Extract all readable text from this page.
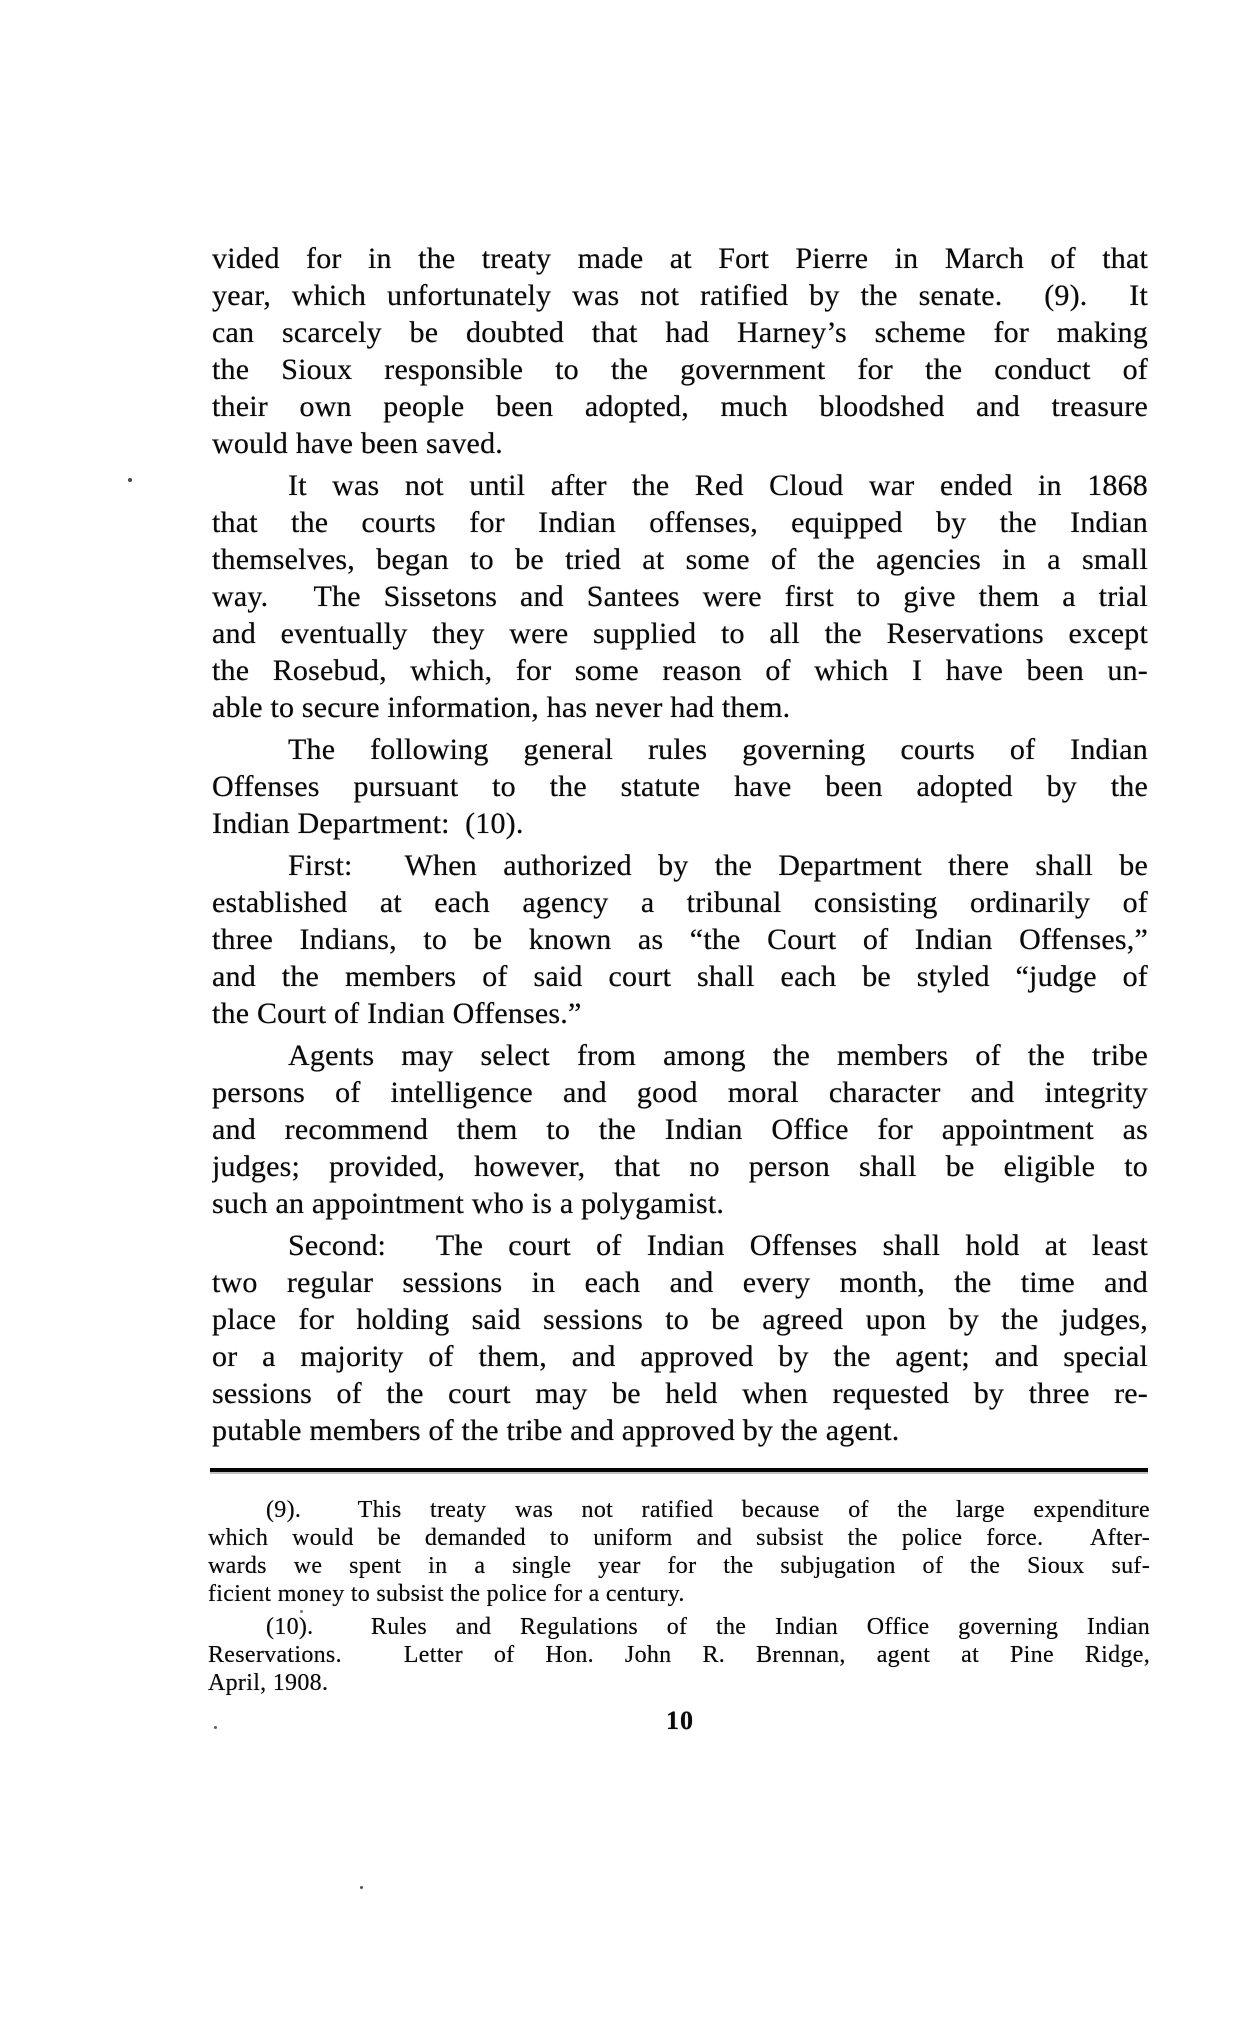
vided for in the treaty made at Fort Pierre in March of that
year, which unfortunately was not ratified by the senate.  (9).  It
can scarcely be doubted that had Harney’s scheme for making
the Sioux responsible to the government for the conduct of
their own people been adopted, much bloodshed and treasure
would have been saved.
It was not until after the Red Cloud war ended in 1868
that the courts for Indian offenses, equipped by the Indian
themselves, began to be tried at some of the agencies in a small
way.  The Sissetons and Santees were first to give them a trial
and eventually they were supplied to all the Reservations except
the Rosebud, which, for some reason of which I have been un-
able to secure information, has never had them.
The following general rules governing courts of Indian
Offenses pursuant to the statute have been adopted by the
Indian Department:  (10).
First:  When authorized by the Department there shall be
established at each agency a tribunal consisting ordinarily of
three Indians, to be known as “the Court of Indian Offenses,”
and the members of said court shall each be styled “judge of
the Court of Indian Offenses.”
Agents may select from among the members of the tribe
persons of intelligence and good moral character and integrity
and recommend them to the Indian Office for appointment as
judges; provided, however, that no person shall be eligible to
such an appointment who is a polygamist.
Second:  The court of Indian Offenses shall hold at least
two regular sessions in each and every month, the time and
place for holding said sessions to be agreed upon by the judges,
or a majority of them, and approved by the agent; and special
sessions of the court may be held when requested by three re-
putable members of the tribe and approved by the agent.
(9).  This treaty was not ratified because of the large expenditure
which would be demanded to uniform and subsist the police force.  After-
wards we spent in a single year for the subjugation of the Sioux suf-
ficient money to subsist the police for a century.
(10).  Rules and Regulations of the Indian Office governing Indian
Reservations.  Letter of Hon. John R. Brennan, agent at Pine Ridge,
April, 1908.
10
